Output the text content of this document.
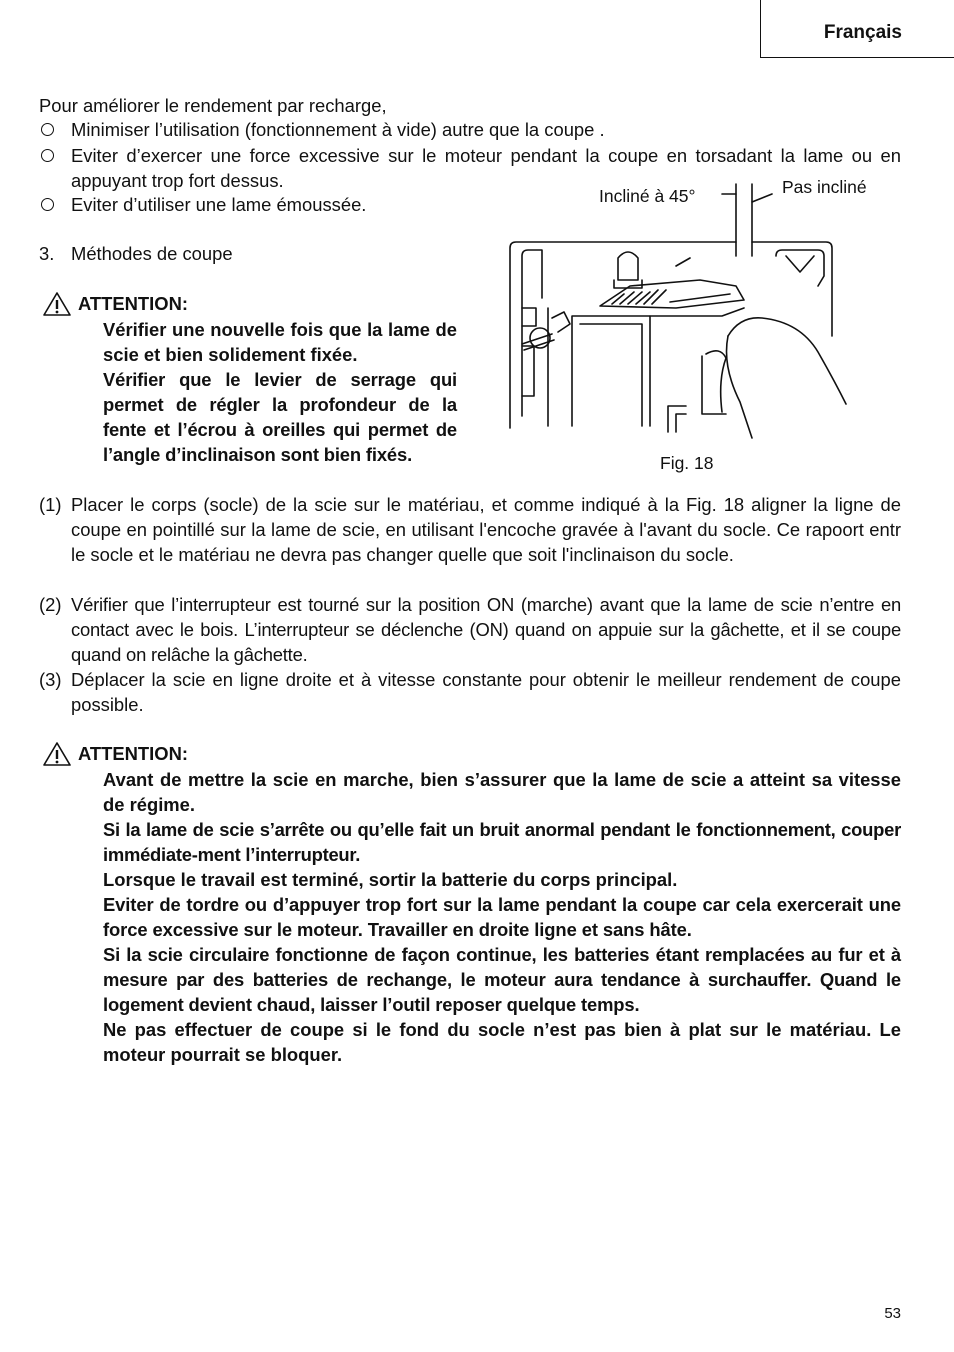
Français
Pour améliorer le rendement par recharge,
Minimiser l’utilisation (fonctionnement à vide) autre que la coupe .
Eviter d’exercer une force excessive sur le moteur pendant la coupe en torsadant la lame ou en appuyant trop fort dessus.
Eviter d’utiliser une lame émoussée.
3. Méthodes de coupe
ATTENTION:

Vérifier une nouvelle fois que la lame de scie et bien solidement fixée.

Vérifier que le levier de serrage qui permet de régler la profondeur de la fente et l’écrou à oreilles qui permet de l’angle d’inclinaison sont bien fixés.

Incliné à 45°	Pas incliné
Fig. 18
(1) Placer le corps (socle) de la scie sur le matériau, et comme indiqué à la Fig. 18 aligner la ligne de coupe en pointillé sur la lame de scie, en utilisant l'encoche gravée à l'avant du socle. Ce rapoort entr le socle et le matériau ne devra pas changer quelle que soit l'inclinaison du socle.
(2) Vérifier que l’interrupteur est tourné sur la position ON (marche) avant que la lame de scie n’entre en contact avec le bois. L’interrupteur se déclenche (ON) quand on appuie sur la gâchette, et il se coupe quand on relâche la gâchette.
(3) Déplacer la scie en ligne droite et à vitesse constante pour obtenir le meilleur rendement de coupe possible.
ATTENTION:

Avant de mettre la scie en marche, bien s’assurer que la lame de scie a atteint sa vitesse de régime.

Si la lame de scie s’arrête ou qu’elle fait un bruit anormal pendant le fonctionnement, couper immédiate-ment l’interrupteur.

Lorsque le travail est terminé, sortir la batterie du corps principal.

Eviter de tordre ou d’appuyer trop fort sur la lame pendant la coupe car cela exercerait une force excessive sur le moteur. Travailler en droite ligne et sans hâte.

Si la scie circulaire fonctionne de façon continue, les batteries étant remplacées au fur et à mesure par des batteries de rechange, le moteur aura tendance à surchauffer. Quand le logement devient chaud, laisser l’outil reposer quelque temps.

Ne pas effectuer de coupe si le fond du socle n’est pas bien à plat sur le matériau. Le moteur pourrait se bloquer.

53
